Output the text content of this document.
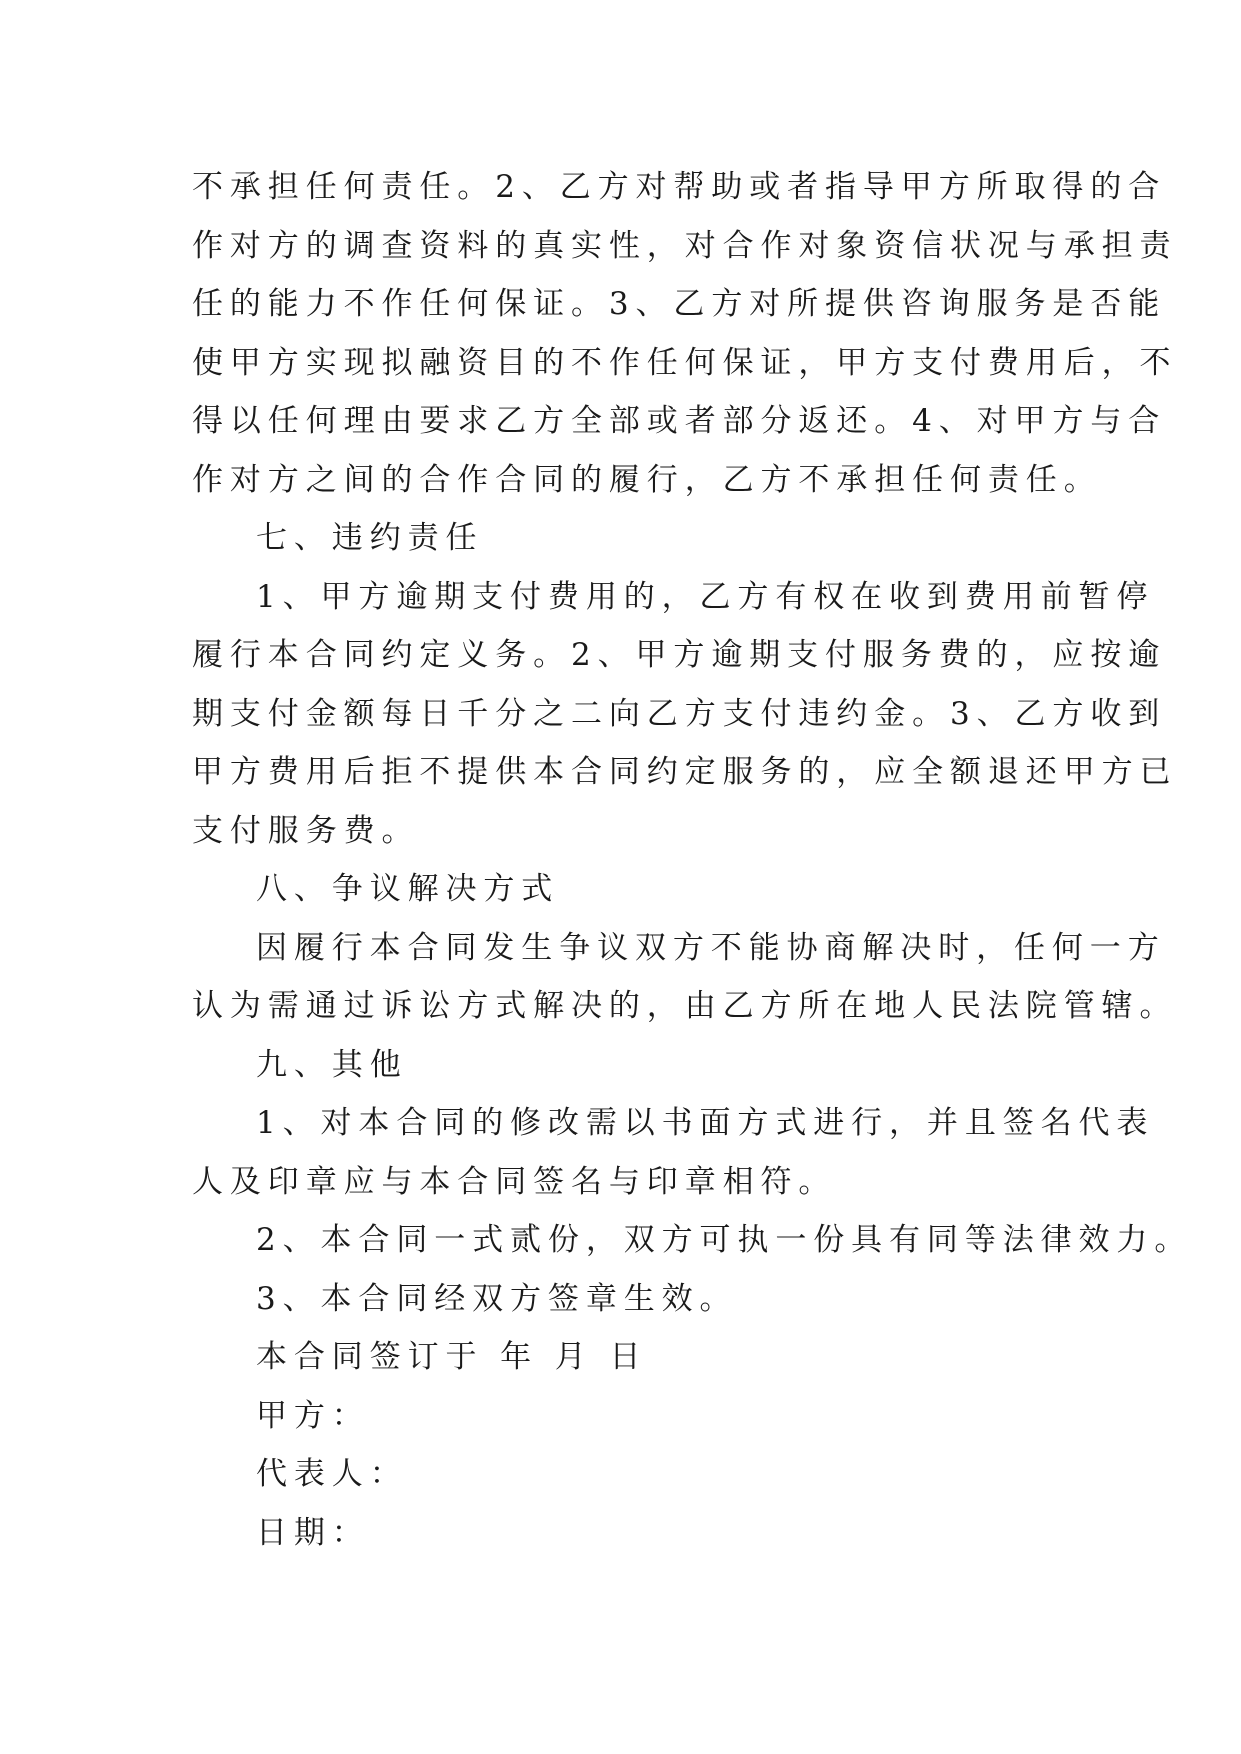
不承担任何责任。2、乙方对帮助或者指导甲方所取得的合

作对方的调查资料的真实性，对合作对象资信状况与承担责

任的能力不作任何保证。3、乙方对所提供咨询服务是否能

使甲方实现拟融资目的不作任何保证，甲方支付费用后，不

得以任何理由要求乙方全部或者部分返还。4、对甲方与合

作对方之间的合作合同的履行，乙方不承担任何责任。

七、违约责任

1、甲方逾期支付费用的，乙方有权在收到费用前暂停

履行本合同约定义务。2、甲方逾期支付服务费的，应按逾

期支付金额每日千分之二向乙方支付违约金。3、乙方收到

甲方费用后拒不提供本合同约定服务的，应全额退还甲方已

支付服务费。

八、争议解决方式

因履行本合同发生争议双方不能协商解决时，任何一方

认为需通过诉讼方式解决的，由乙方所在地人民法院管辖。

九、其他

1、对本合同的修改需以书面方式进行，并且签名代表

人及印章应与本合同签名与印章相符。

2、本合同一式贰份，双方可执一份具有同等法律效力。

3、本合同经双方签章生效。

本合同签订于 年 月 日

甲方：

代表人：

日期：
